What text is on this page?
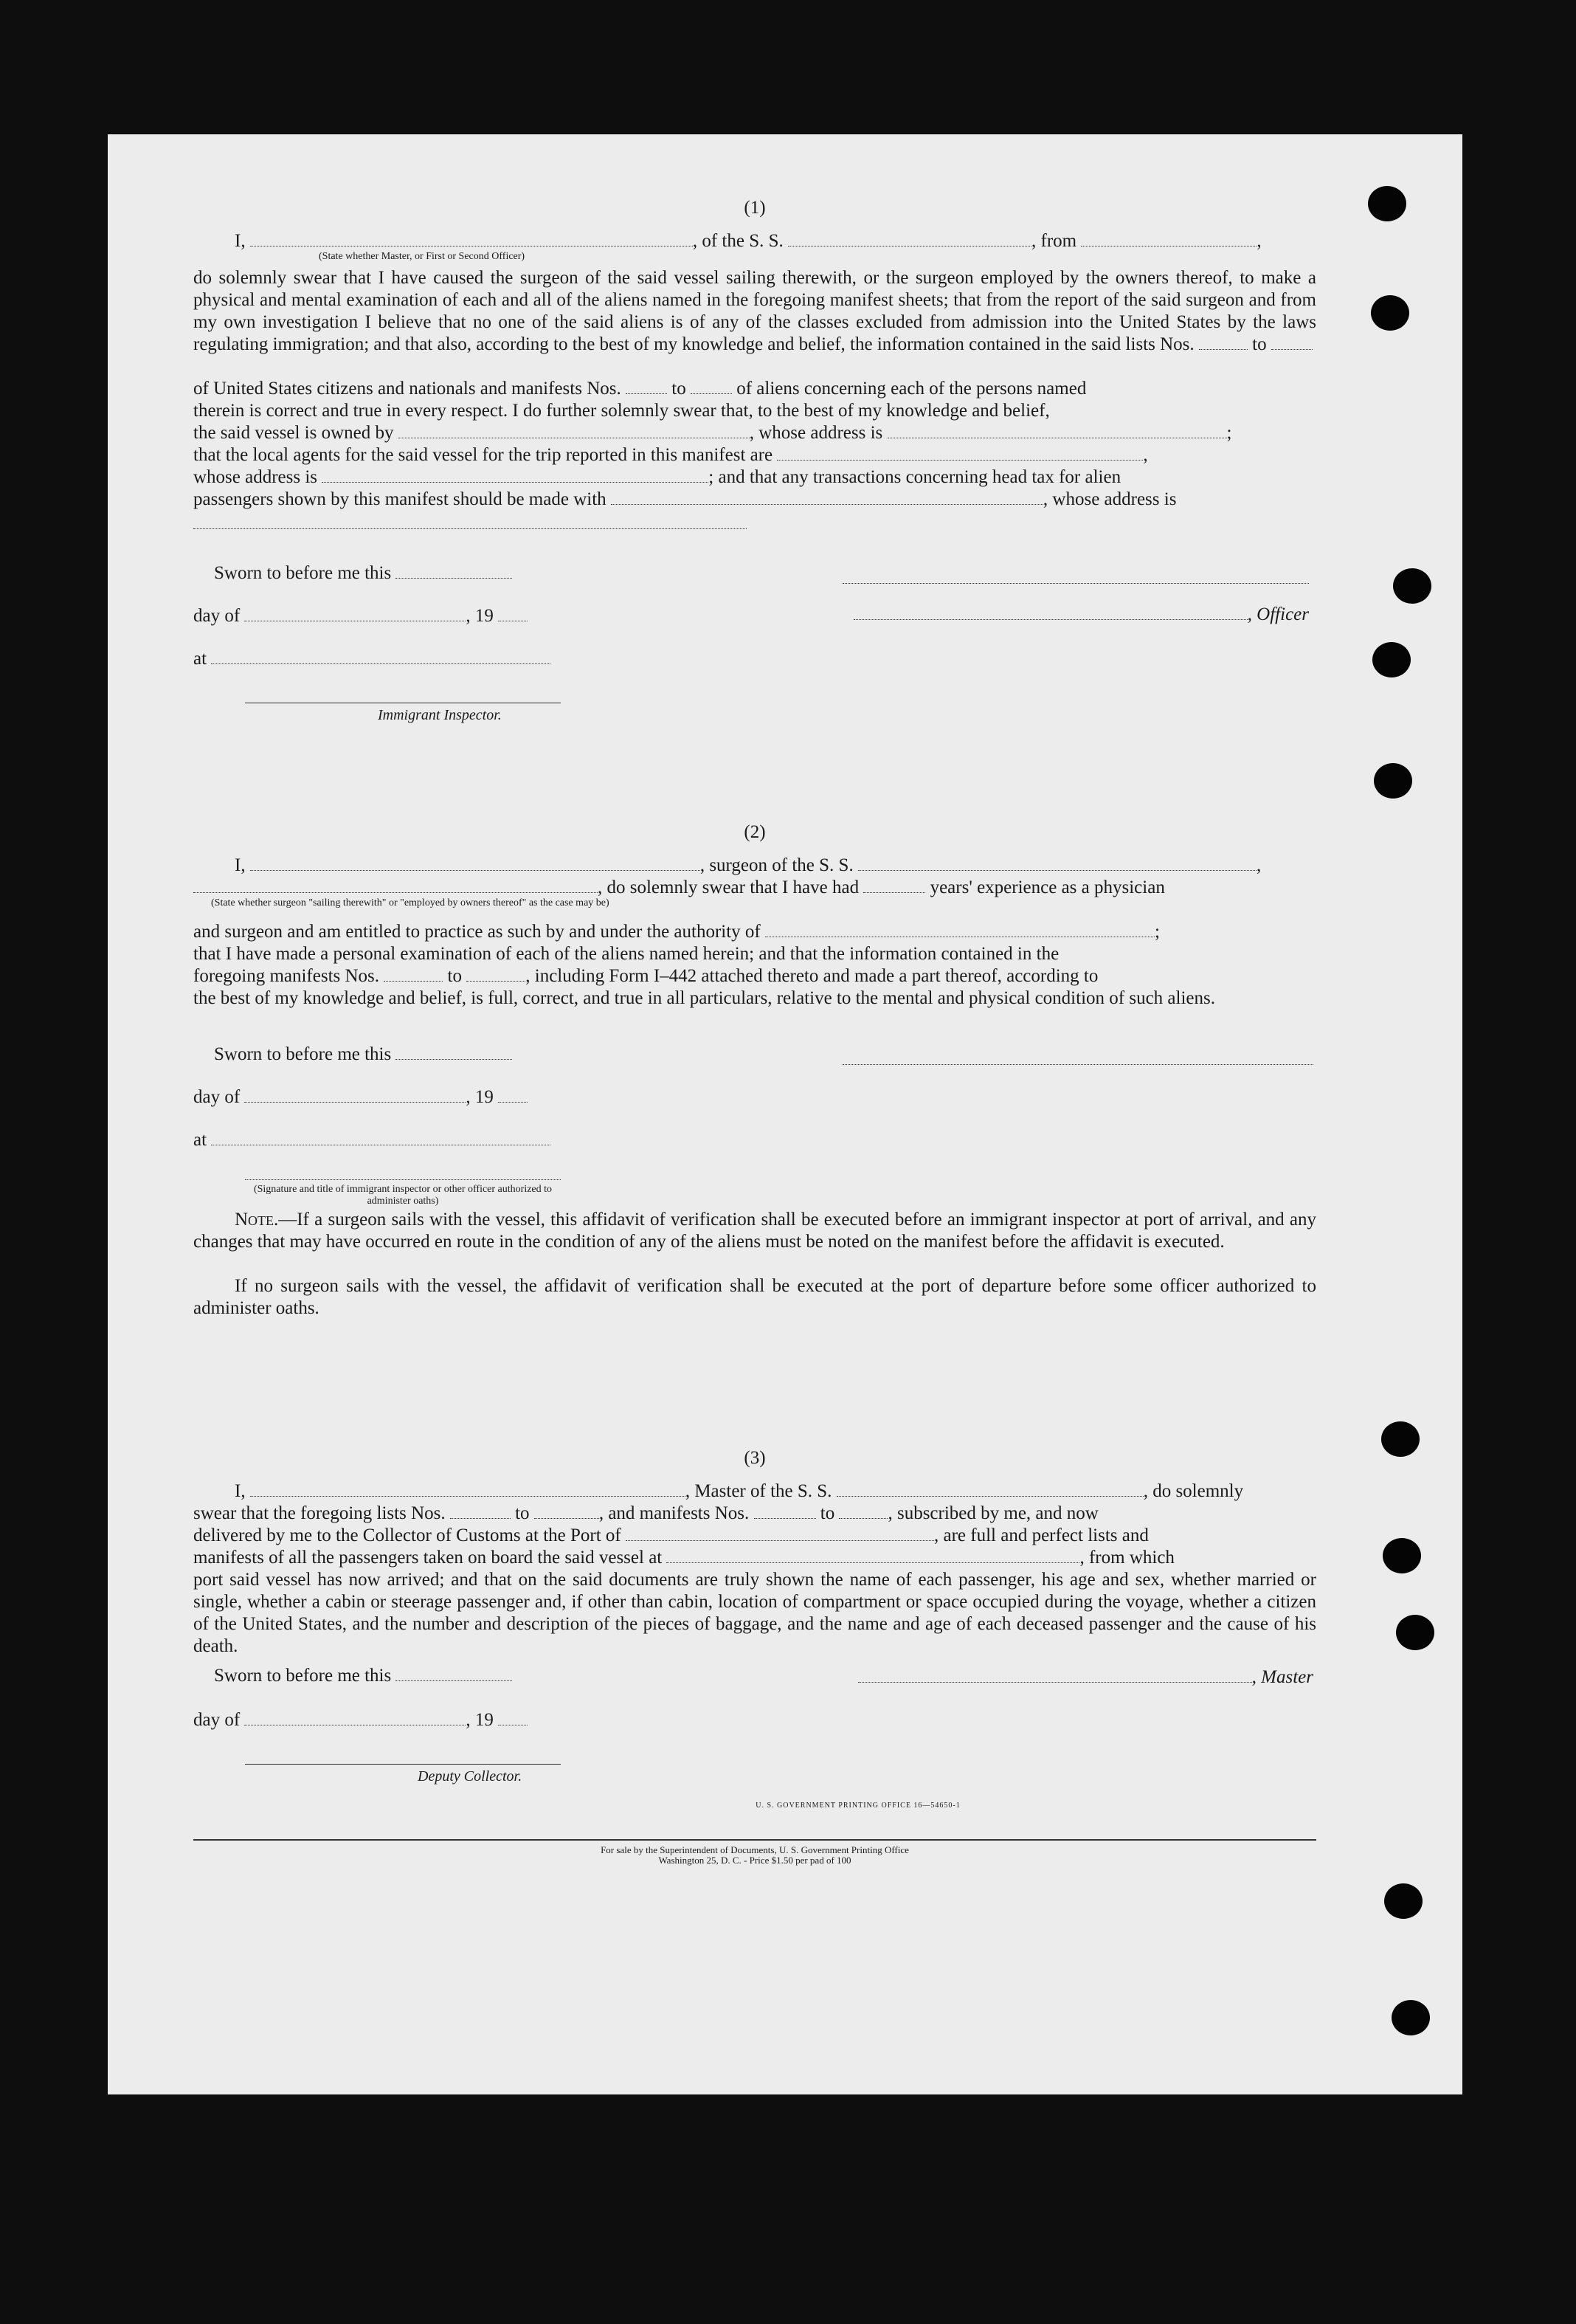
(1)
I,	, of the S. S.	, from	,
(State whether Master, or First or Second Officer)
do solemnly swear that I have caused the surgeon of the said vessel sailing therewith, or the surgeon employed by the owners thereof, to make a physical and mental examination of each and all of the aliens named in the foregoing manifest sheets; that from the report of the said surgeon and from my own investigation I believe that no one of the said aliens is of any of the classes excluded from admission into the United States by the laws regulating immigration; and that also, according to the best of my knowledge and belief, the information contained in the said lists Nos.	to
of United States citizens and nationals and manifests Nos.	to	of aliens concerning each of the persons named
therein is correct and true in every respect. I do further solemnly swear that, to the best of my knowledge and belief,
the said vessel is owned by	, whose address is	;
that the local agents for the said vessel for the trip reported in this manifest are	,
whose address is	; and that any transactions concerning head tax for alien
passengers shown by this manifest should be made with	, whose address is
Sworn to before me this
day of	, 19	, Officer
at
Immigrant Inspector.
(2)
I,	, surgeon of the S. S.	,
, do solemnly swear that I have had	years' experience as a physician
(State whether surgeon "sailing therewith" or "employed by owners thereof" as the case may be)
and surgeon and am entitled to practice as such by and under the authority of	;
that I have made a personal examination of each of the aliens named herein; and that the information contained in the
foregoing manifests Nos.	to	, including Form I–442 attached thereto and made a part thereof, according to
the best of my knowledge and belief, is full, correct, and true in all particulars, relative to the mental and physical condition of such aliens.
Sworn to before me this
day of	, 19
at
(Signature and title of immigrant inspector or other officer authorized to administer oaths)
Note.—If a surgeon sails with the vessel, this affidavit of verification shall be executed before an immigrant inspector at port of arrival, and any changes that may have occurred en route in the condition of any of the aliens must be noted on the manifest before the affidavit is executed.
If no surgeon sails with the vessel, the affidavit of verification shall be executed at the port of departure before some officer authorized to administer oaths.
(3)
I,	, Master of the S. S.	, do solemnly
swear that the foregoing lists Nos.	to	, and manifests Nos.	to	, subscribed by me, and now
delivered by me to the Collector of Customs at the Port of	, are full and perfect lists and
manifests of all the passengers taken on board the said vessel at	, from which
port said vessel has now arrived; and that on the said documents are truly shown the name of each passenger, his age and sex, whether married or single, whether a cabin or steerage passenger and, if other than cabin, location of compartment or space occupied during the voyage, whether a citizen of the United States, and the number and description of the pieces of baggage, and the name and age of each deceased passenger and the cause of his death.
Sworn to before me this	, Master
day of	, 19
Deputy Collector.
U. S. GOVERNMENT PRINTING OFFICE 16—54650-1
For sale by the Superintendent of Documents, U. S. Government Printing Office
Washington 25, D. C. - Price $1.50 per pad of 100
